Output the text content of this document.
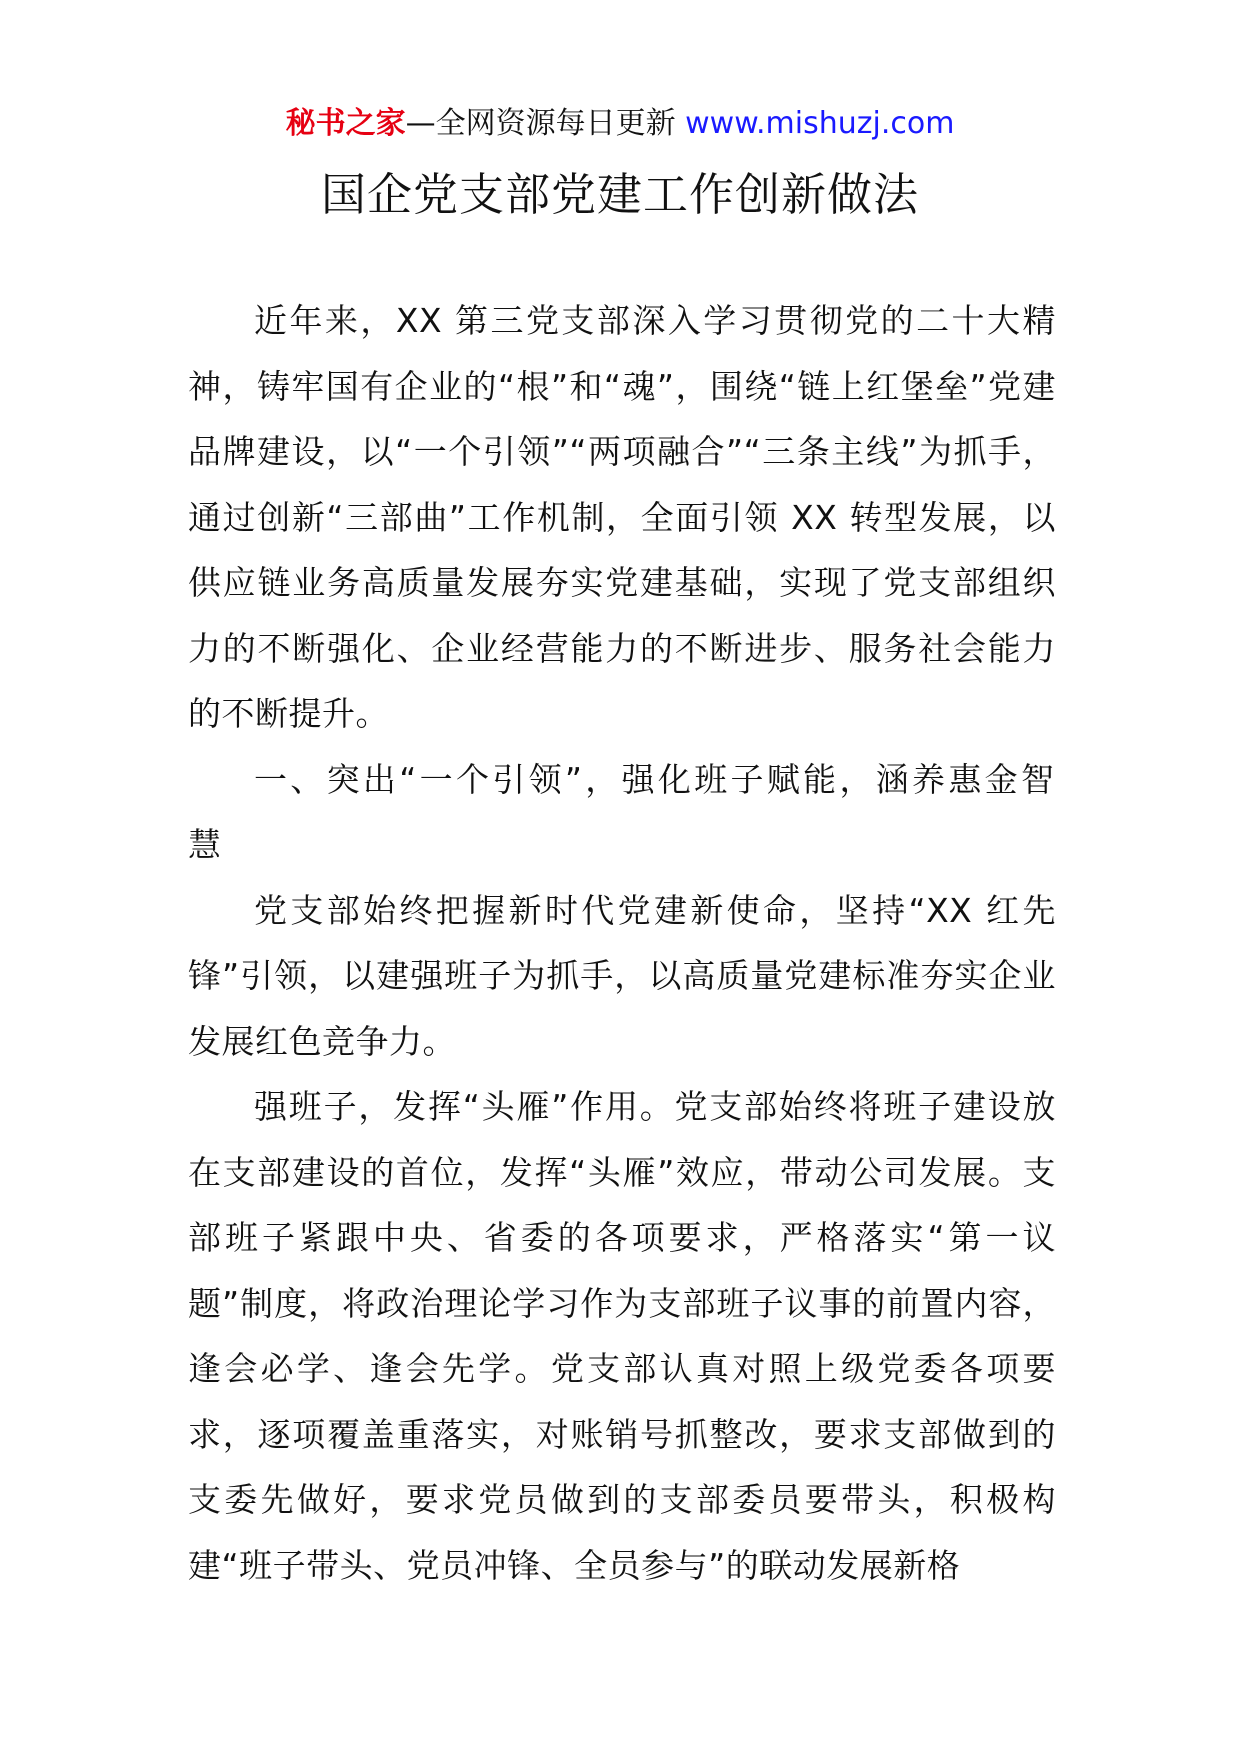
秘书之家—全网资源每日更新 www.mishuzj.com
国企党支部党建工作创新做法

近年来，XX 第三党支部深入学习贯彻党的二十大精神，铸牢国有企业的“根”和“魂”，围绕“链上红堡垒”党建品牌建设，以“一个引领”“两项融合”“三条主线”为抓手，通过创新“三部曲”工作机制，全面引领 XX 转型发展，以供应链业务高质量发展夯实党建基础，实现了党支部组织力的不断强化、企业经营能力的不断进步、服务社会能力的不断提升。

一、突出“一个引领”，强化班子赋能，涵养惠金智慧

党支部始终把握新时代党建新使命，坚持“XX 红先锋”引领，以建强班子为抓手，以高质量党建标准夯实企业发展红色竞争力。

强班子，发挥“头雁”作用。党支部始终将班子建设放在支部建设的首位，发挥“头雁”效应，带动公司发展。支部班子紧跟中央、省委的各项要求，严格落实“第一议题”制度，将政治理论学习作为支部班子议事的前置内容，逢会必学、逢会先学。党支部认真对照上级党委各项要求，逐项覆盖重落实，对账销号抓整改，要求支部做到的支委先做好，要求党员做到的支部委员要带头，积极构建“班子带头、党员冲锋、全员参与”的联动发展新格
